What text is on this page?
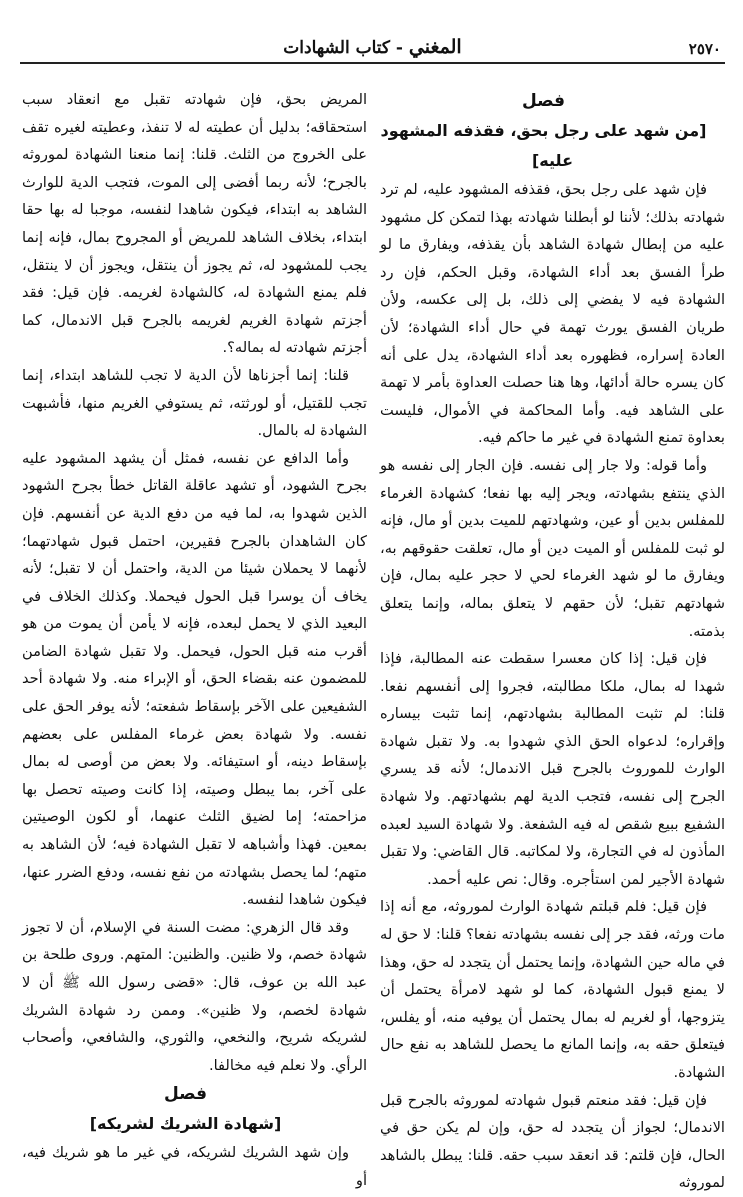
٢٥٧٠
المغني - كتاب الشهادات

فصل

[من شهد على رجل بحق، فقذفه المشهود عليه]

فإن شهد على رجل بحق، فقذفه المشهود عليه، لم ترد شهادته بذلك؛ لأننا لو أبطلنا شهادته بهذا لتمكن كل مشهود عليه من إبطال شهادة الشاهد بأن يقذفه، ويفارق ما لو طرأ الفسق بعد أداء الشهادة، وقبل الحكم، فإن رد الشهادة فيه لا يفضي إلى ذلك، بل إلى عكسه، ولأن طريان الفسق يورث تهمة في حال أداء الشهادة؛ لأن العادة إسراره، فظهوره بعد أداء الشهادة، يدل على أنه كان يسره حالة أدائها، وها هنا حصلت العداوة بأمر لا تهمة على الشاهد فيه. وأما المحاكمة في الأموال، فليست بعداوة تمنع الشهادة في غير ما حاكم فيه.

وأما قوله: ولا جار إلى نفسه. فإن الجار إلى نفسه هو الذي ينتفع بشهادته، ويجر إليه بها نفعا؛ كشهادة الغرماء للمفلس بدين أو عين، وشهادتهم للميت بدين أو مال، فإنه لو ثبت للمفلس أو الميت دين أو مال، تعلقت حقوقهم به، ويفارق ما لو شهد الغرماء لحي لا حجر عليه بمال، فإن شهادتهم تقبل؛ لأن حقهم لا يتعلق بماله، وإنما يتعلق بذمته.

فإن قيل: إذا كان معسرا سقطت عنه المطالبة، فإذا شهدا له بمال، ملكا مطالبته، فجروا إلى أنفسهم نفعا. قلنا: لم تثبت المطالبة بشهادتهم، إنما تثبت بيساره وإقراره؛ لدعواه الحق الذي شهدوا به. ولا تقبل شهادة الوارث للموروث بالجرح قبل الاندمال؛ لأنه قد يسري الجرح إلى نفسه، فتجب الدية لهم بشهادتهم. ولا شهادة الشفيع ببيع شقص له فيه الشفعة. ولا شهادة السيد لعبده المأذون له في التجارة، ولا لمكاتبه. قال القاضي: ولا تقبل شهادة الأجير لمن استأجره. وقال: نص عليه أحمد.

فإن قيل: فلم قبلتم شهادة الوارث لموروثه، مع أنه إذا مات ورثه، فقد جر إلى نفسه بشهادته نفعا؟ قلنا: لا حق له في ماله حين الشهادة، وإنما يحتمل أن يتجدد له حق، وهذا لا يمنع قبول الشهادة، كما لو شهد لامرأة يحتمل أن يتزوجها، أو لغريم له بمال يحتمل أن يوفيه منه، أو يفلس، فيتعلق حقه به، وإنما المانع ما يحصل للشاهد به نفع حال الشهادة.

فإن قيل: فقد منعتم قبول شهادته لموروثه بالجرح قبل الاندمال؛ لجواز أن يتجدد له حق، وإن لم يكن حق في الحال، فإن قلتم: قد انعقد سبب حقه. قلنا: يبطل بالشاهد لموروثه

المريض بحق، فإن شهادته تقبل مع انعقاد سبب استحقاقه؛ بدليل أن عطيته له لا تنفذ، وعطيته لغيره تقف على الخروج من الثلث. قلنا: إنما منعنا الشهادة لموروثه بالجرح؛ لأنه ربما أفضى إلى الموت، فتجب الدية للوارث الشاهد به ابتداء، فيكون شاهدا لنفسه، موجبا له بها حقا ابتداء، بخلاف الشاهد للمريض أو المجروح بمال، فإنه إنما يجب للمشهود له، ثم يجوز أن ينتقل، ويجوز أن لا ينتقل، فلم يمنع الشهادة له، كالشهادة لغريمه. فإن قيل: فقد أجزتم شهادة الغريم لغريمه بالجرح قبل الاندمال، كما أجزتم شهادته له بماله؟.

قلنا: إنما أجزناها لأن الدية لا تجب للشاهد ابتداء، إنما تجب للقتيل، أو لورثته، ثم يستوفي الغريم منها، فأشبهت الشهادة له بالمال.

وأما الدافع عن نفسه، فمثل أن يشهد المشهود عليه بجرح الشهود، أو تشهد عاقلة القاتل خطأ بجرح الشهود الذين شهدوا به، لما فيه من دفع الدية عن أنفسهم. فإن كان الشاهدان بالجرح فقيرين، احتمل قبول شهادتهما؛ لأنهما لا يحملان شيئا من الدية، واحتمل أن لا تقبل؛ لأنه يخاف أن يوسرا قبل الحول فيحملا. وكذلك الخلاف في البعيد الذي لا يحمل لبعده، فإنه لا يأمن أن يموت من هو أقرب منه قبل الحول، فيحمل. ولا تقبل شهادة الضامن للمضمون عنه بقضاء الحق، أو الإبراء منه. ولا شهادة أحد الشفيعين على الآخر بإسقاط شفعته؛ لأنه يوفر الحق على نفسه. ولا شهادة بعض غرماء المفلس على بعضهم بإسقاط دينه، أو استيفائه. ولا بعض من أوصى له بمال على آخر، بما يبطل وصيته، إذا كانت وصيته تحصل بها مزاحمته؛ إما لضيق الثلث عنهما، أو لكون الوصيتين بمعين. فهذا وأشباهه لا تقبل الشهادة فيه؛ لأن الشاهد به متهم؛ لما يحصل بشهادته من نفع نفسه، ودفع الضرر عنها، فيكون شاهدا لنفسه.

وقد قال الزهري: مضت السنة في الإسلام، أن لا تجوز شهادة خصم، ولا ظنين. والظنين: المتهم. وروى طلحة بن عبد الله بن عوف، قال: «قضى رسول الله ﷺ أن لا شهادة لخصم، ولا ظنين». وممن رد شهادة الشريك لشريكه شريح، والنخعي، والثوري، والشافعي، وأصحاب الرأي. ولا نعلم فيه مخالفا.

فصل

[شهادة الشريك لشريكه]

وإن شهد الشريك لشريكه، في غير ما هو شريك فيه، أو
